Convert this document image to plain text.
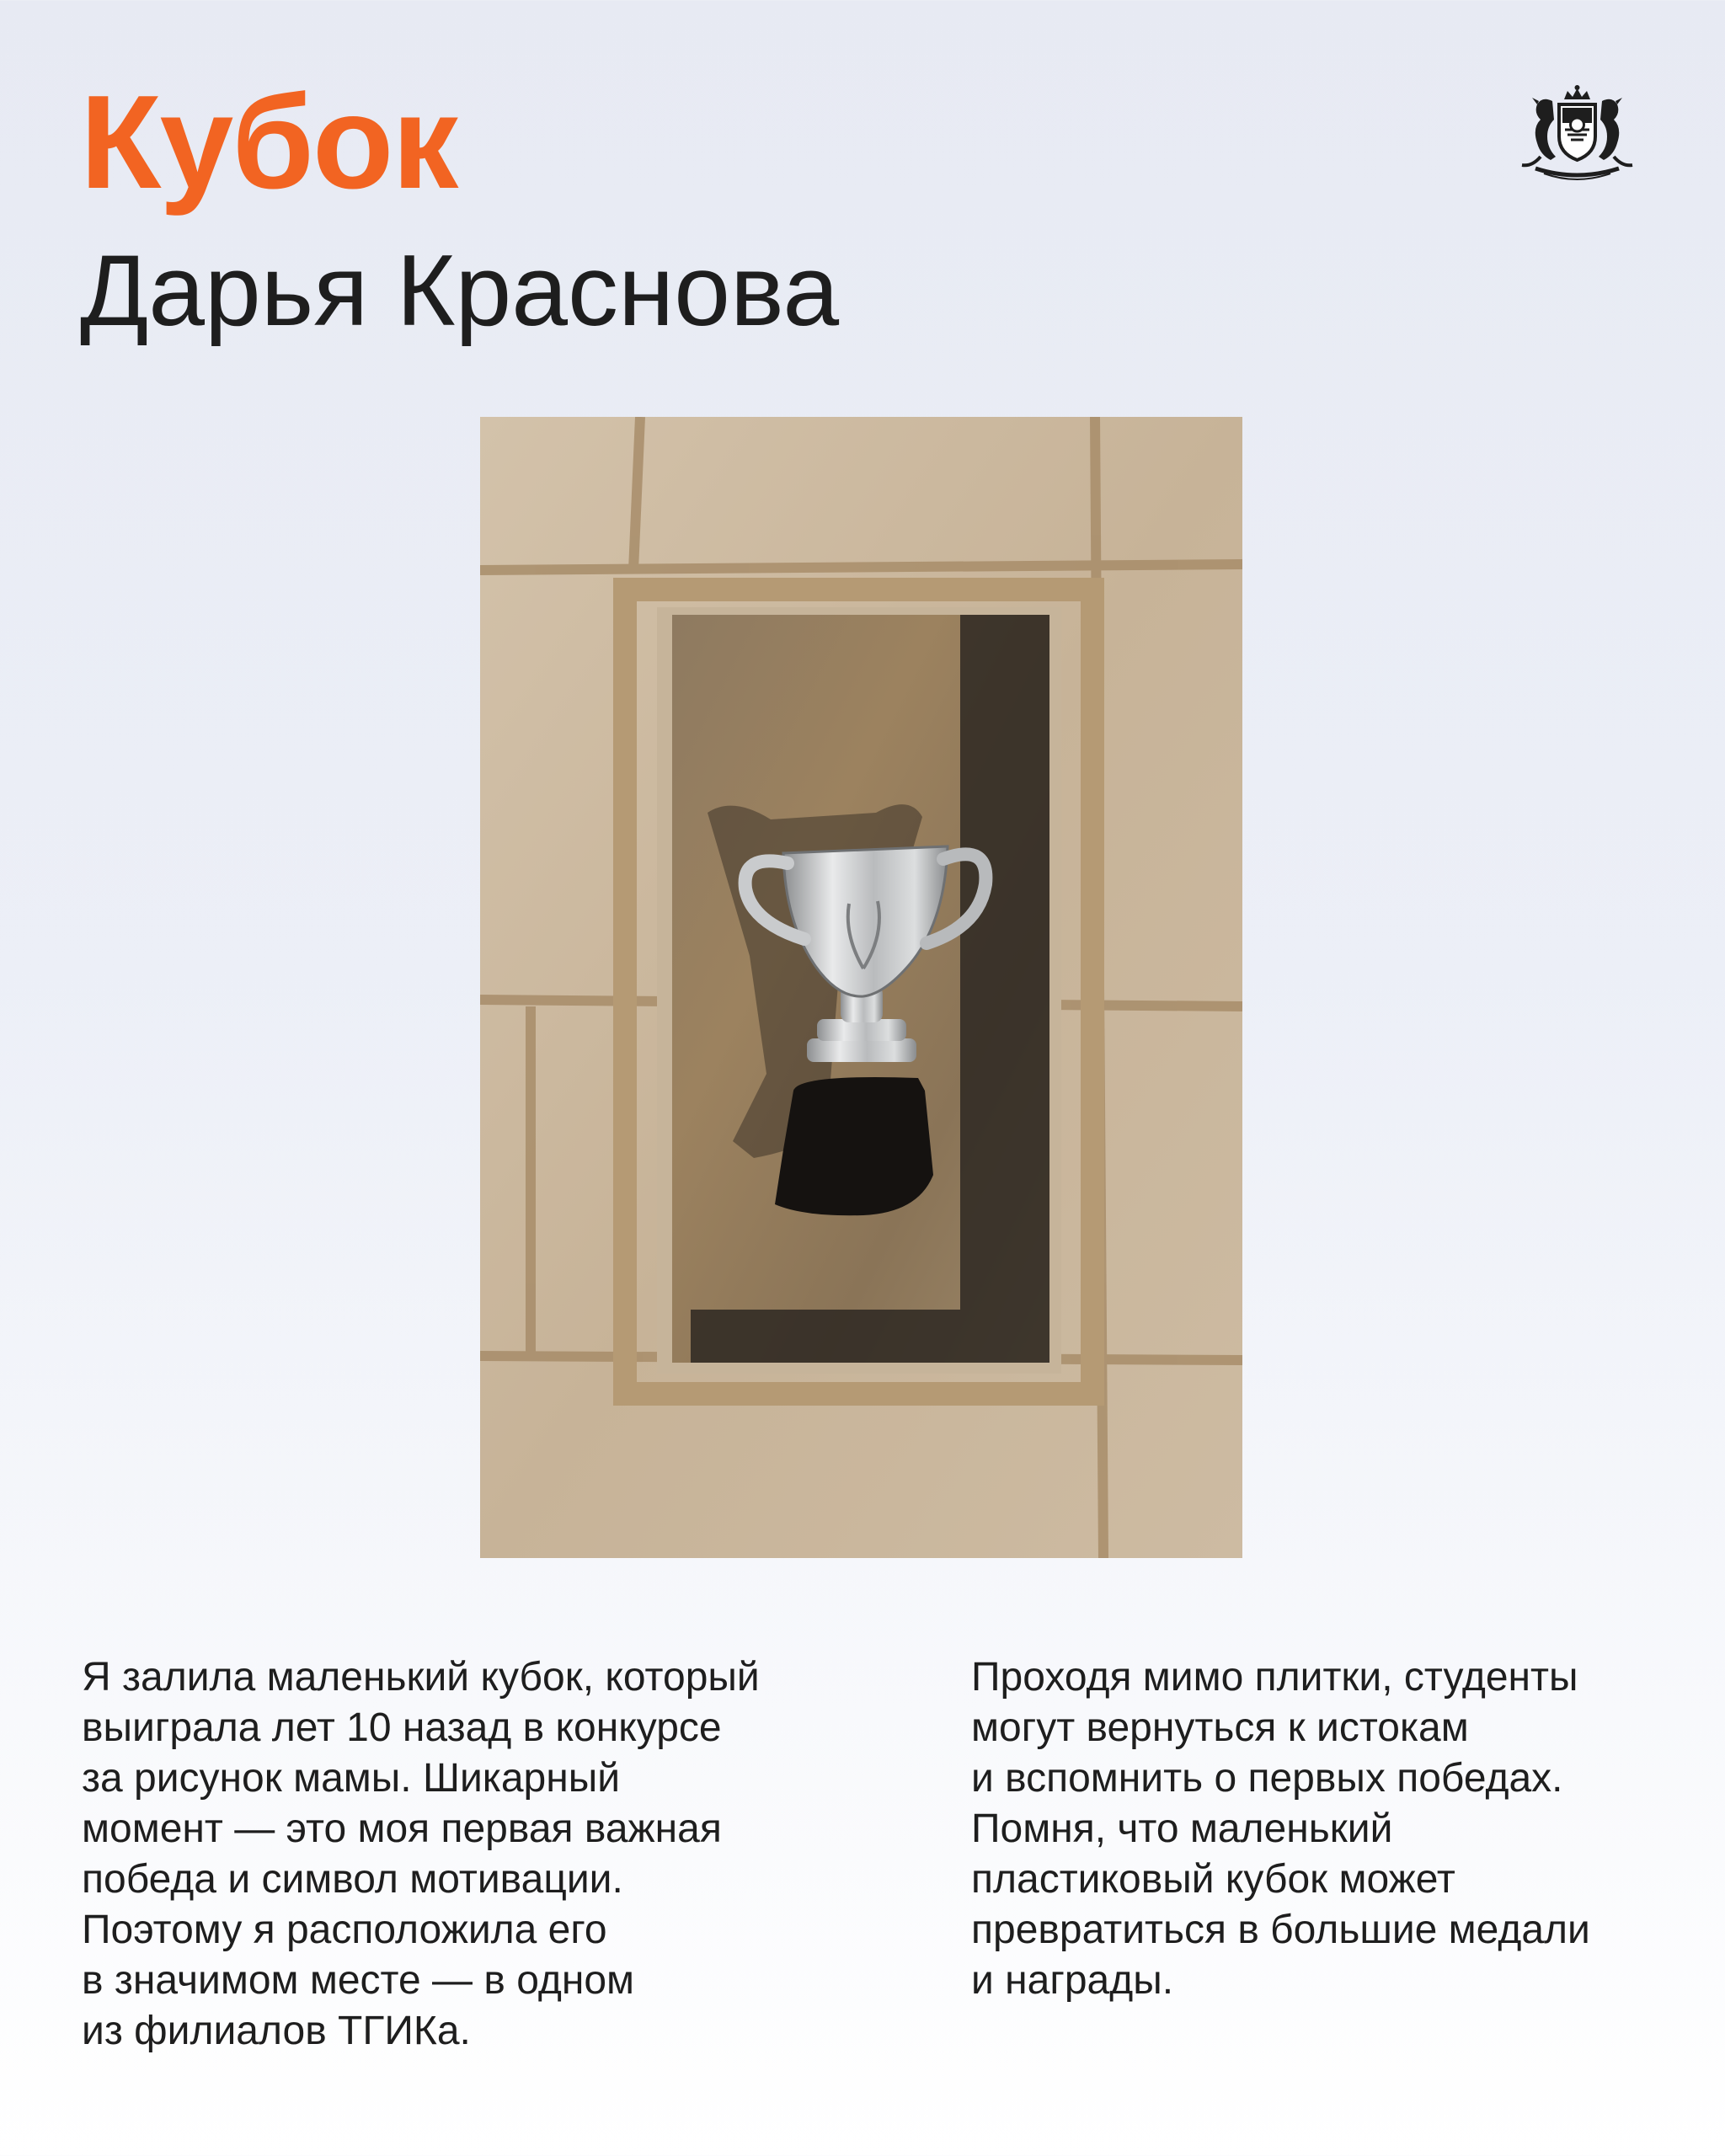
Кубок
Дарья Краснова
Я залила маленький кубок, который
выиграла лет 10 назад в конкурсе
за рисунок мамы. Шикарный
момент — это моя первая важная
победа и символ мотивации.
Поэтому я расположила его
в значимом месте — в одном
из филиалов ТГИКа.
Проходя мимо плитки, студенты
могут вернуться к истокам
и вспомнить о первых победах.
Помня, что маленький
пластиковый кубок может
превратиться в большие медали
и награды.
